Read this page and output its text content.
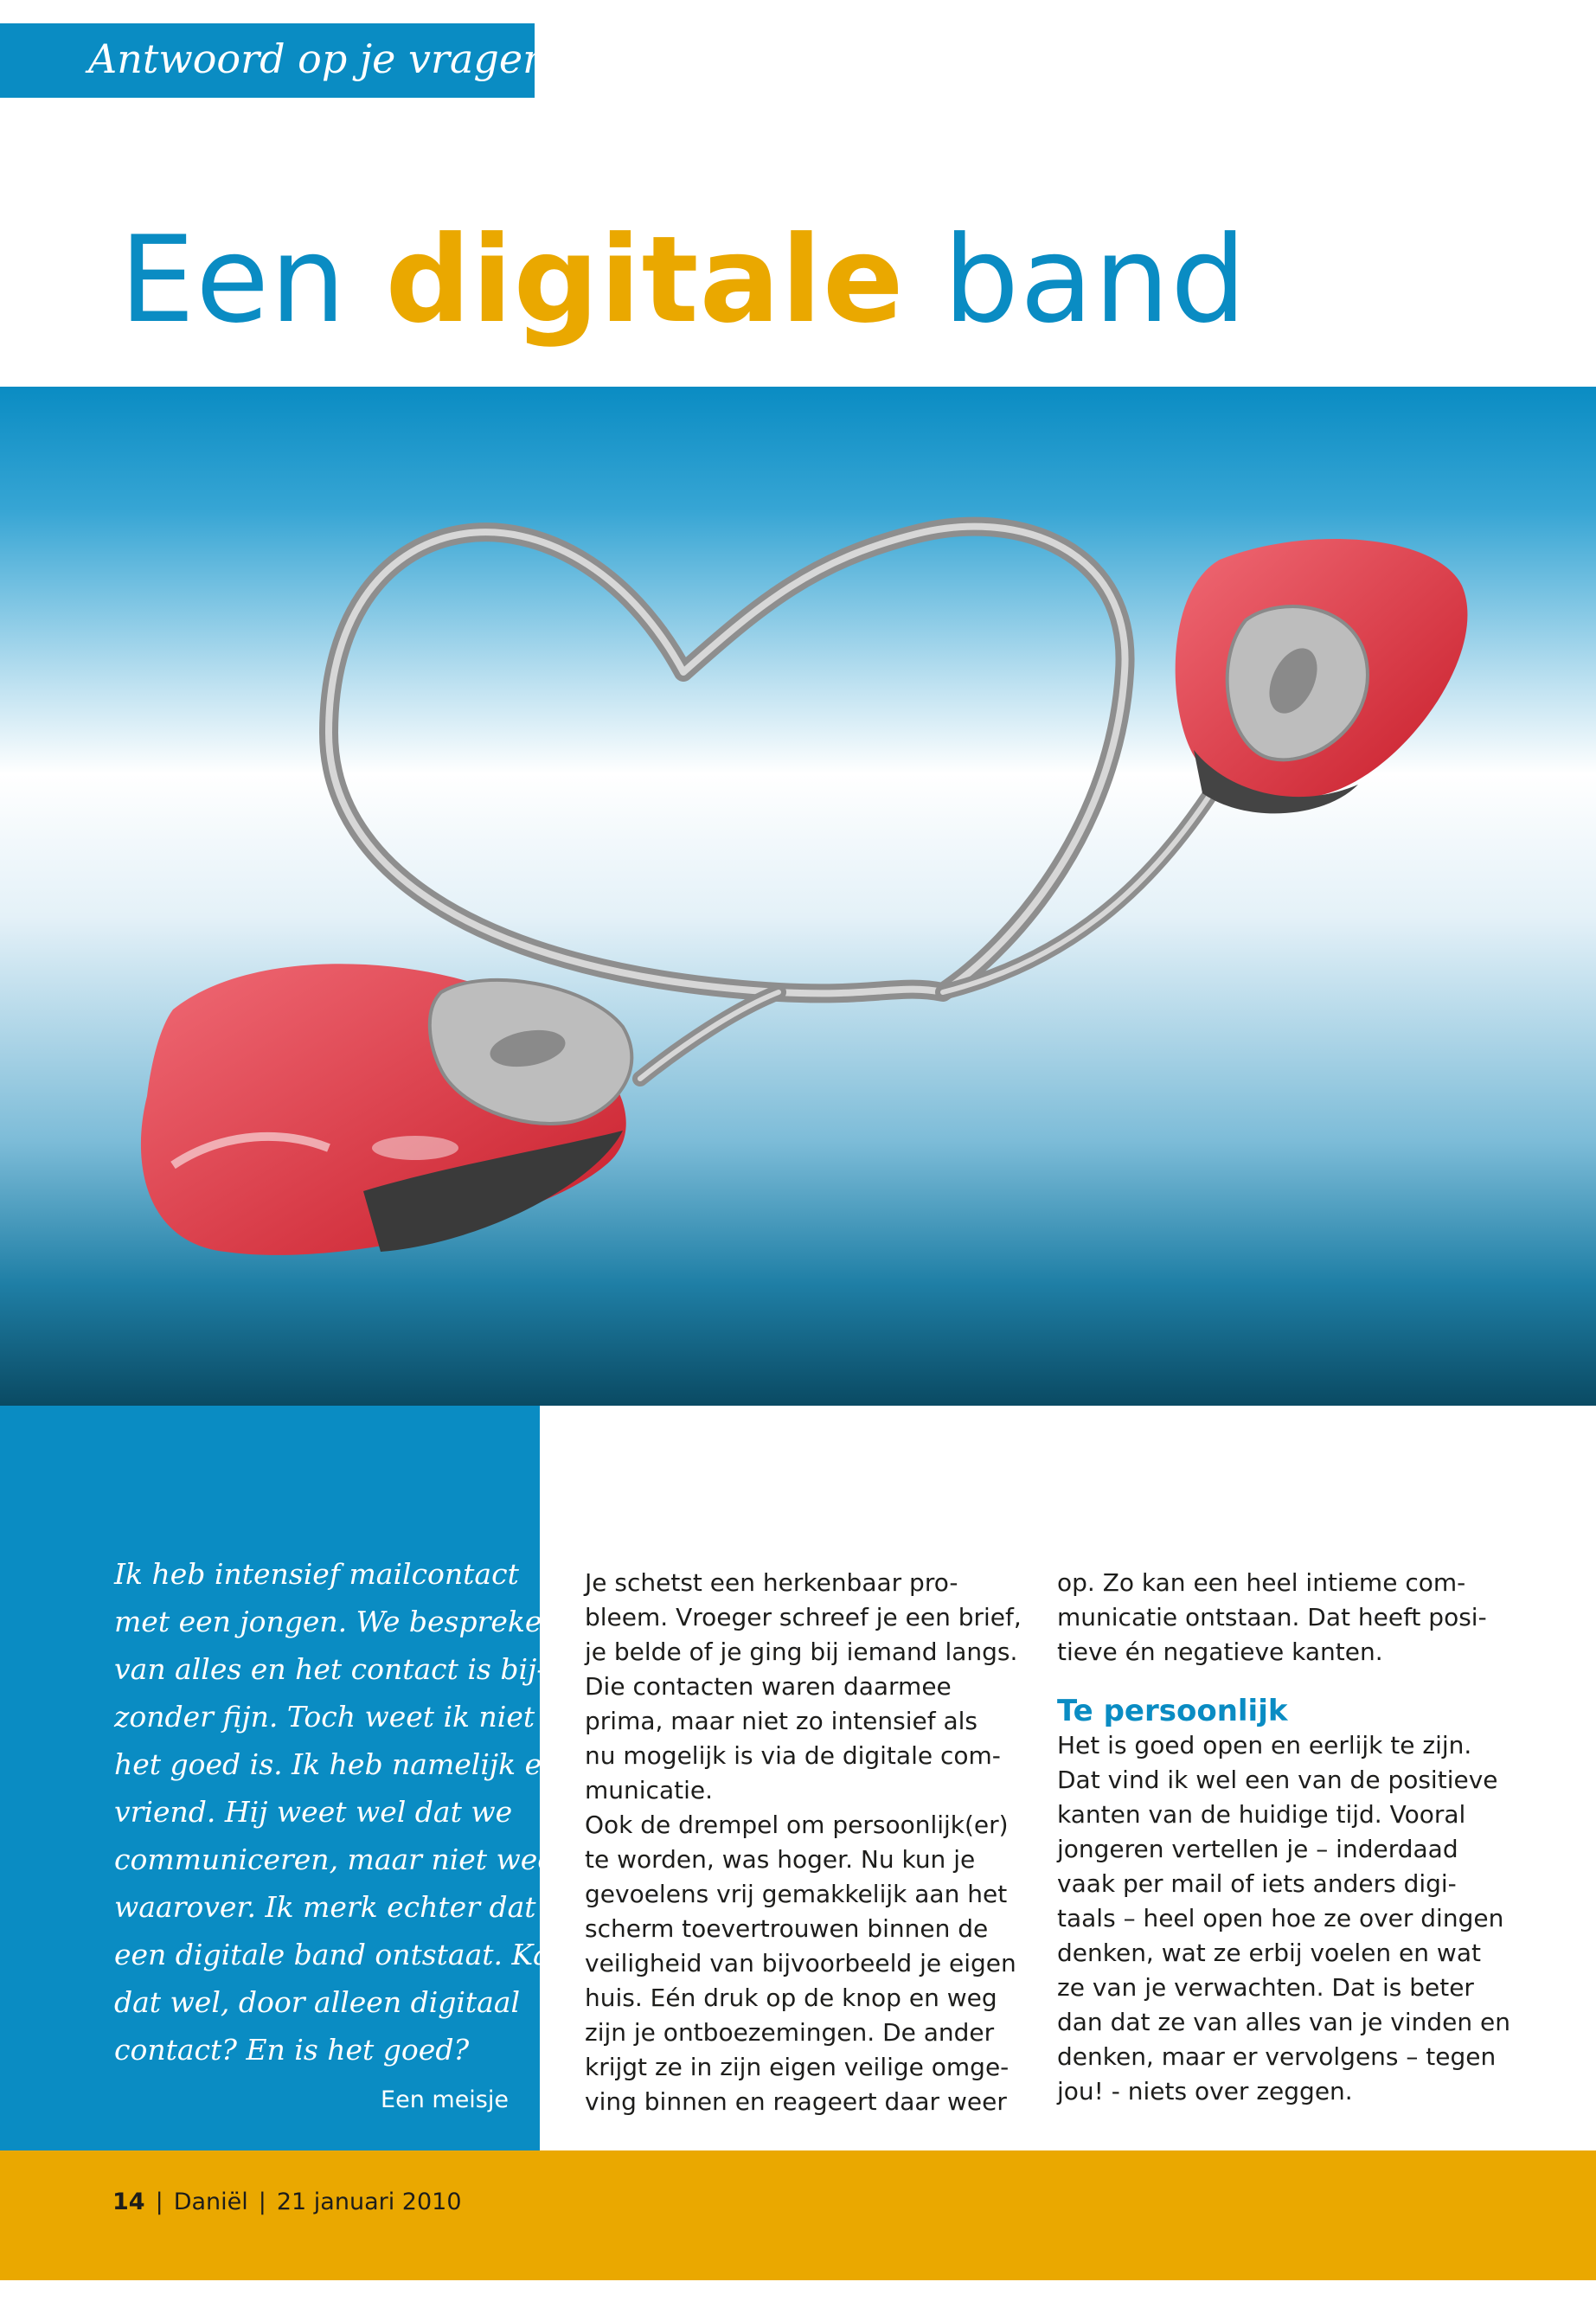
Antwoord op je vragen
Een digitale band

Ik heb intensief mailcontact
met een jongen. We bespreken
van alles en het contact is bij-
zonder fijn. Toch weet ik niet of
het goed is. Ik heb namelijk een
vriend. Hij weet wel dat we
communiceren, maar niet weet
waarover. Ik merk echter dat er
een digitale band ontstaat. Kan
dat wel, door alleen digitaal
contact? En is het goed?

Een meisje

Je schetst een herkenbaar pro-
bleem. Vroeger schreef je een brief,
je belde of je ging bij iemand langs.
Die contacten waren daarmee
prima, maar niet zo intensief als
nu mogelijk is via de digitale com-
municatie.
Ook de drempel om persoonlijk(er)
te worden, was hoger. Nu kun je
gevoelens vrij gemakkelijk aan het
scherm toevertrouwen binnen de
veiligheid van bijvoorbeeld je eigen
huis. Eén druk op de knop en weg
zijn je ontboezemingen. De ander
krijgt ze in zijn eigen veilige omge-
ving binnen en reageert daar weer

op. Zo kan een heel intieme com-
municatie ontstaan. Dat heeft posi-
tieve én negatieve kanten.
Te persoonlijk
Het is goed open en eerlijk te zijn.
Dat vind ik wel een van de positieve
kanten van de huidige tijd. Vooral
jongeren vertellen je – inderdaad
vaak per mail of iets anders digi-
taals – heel open hoe ze over dingen
denken, wat ze erbij voelen en wat
ze van je verwachten. Dat is beter
dan dat ze van alles van je vinden en
denken, maar er vervolgens – tegen
jou! - niets over zeggen.

14 | Daniël | 21 januari 2010
